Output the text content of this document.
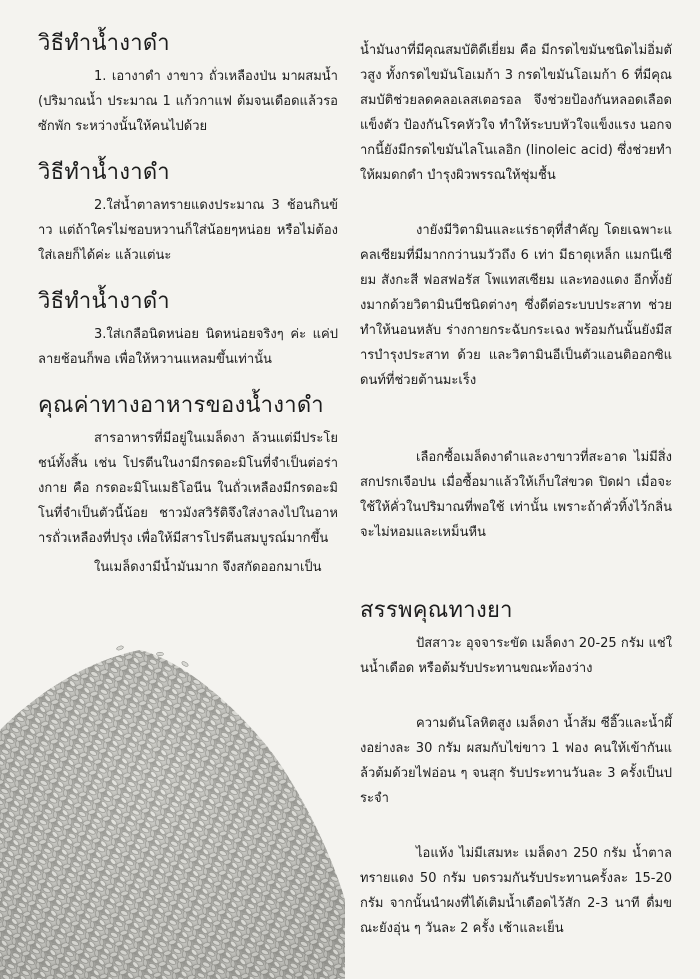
วิธีทำน้ำงาดำ

1. เอางาดำ งาขาว ถั่วเหลืองป่น มาผสมน้ำ (ปริมาณน้ำ ประมาณ 1 แก้วกาแฟ ต้มจนเดือดแล้วรอซักพัก ระหว่างนั้นให้คนไปด้วย

วิธีทำน้ำงาดำ

2.ใส่น้ำตาลทรายแดงประมาณ 3 ช้อนกินข้าว แต่ถ้าใครไม่ชอบหวานก็ใส่น้อยๆหน่อย หรือไม่ต้องใส่เลยก็ได้ค่ะ แล้วแต่นะ

วิธีทำน้ำงาดำ

3.ใส่เกลือนิดหน่อย นิดหน่อยจริงๆ ค่ะ แค่ปลายช้อนก็พอ เพื่อให้หวานแหลมขึ้นเท่านั้น

คุณค่าทางอาหารของน้ำงาดำ

สารอาหารที่มีอยู่ในเมล็ดงา ล้วนแต่มีประโยชน์ทั้งสิ้น เช่น โปรตีนในงามีกรดอะมิโนที่จำเป็นต่อร่างกาย คือ กรดอะมิโนเมธิโอนีน ในถั่วเหลืองมีกรดอะมิโนที่จำเป็นตัวนี้น้อย ชาวมังสวิรัติจึงใส่งาลงไปในอาหารถั่วเหลืองที่ปรุง เพื่อให้มีสารโปรตีนสมบูรณ์มากขึ้น

ในเมล็ดงามีน้ำมันมาก จึงสกัดออกมาเป็น

น้ำมันงาที่มีคุณสมบัติดีเยี่ยม คือ มีกรดไขมันชนิดไม่อิ่มตัวสูง ทั้งกรดไขมันโอเมก้า 3 กรดไขมันโอเมก้า 6 ที่มีคุณสมบัติช่วยลดคลอเลสเตอรอล จึงช่วยป้องกันหลอดเลือดแข็งตัว ป้องกันโรคหัวใจ ทำให้ระบบหัวใจแข็งแรง นอกจากนี้ยังมีกรดไขมันไลโนเลอิก (linoleic acid) ซึ่งช่วยทำให้ผมดกดำ บำรุงผิวพรรณให้ชุ่มชื้น

งายังมีวิตามินและแร่ธาตุที่สำคัญ โดยเฉพาะแคลเซียมที่มีมากกว่านมวัวถึง 6 เท่า มีธาตุเหล็ก แมกนีเซียม สังกะสี ฟอสฟอรัส โพแทสเซียม และทองแดง อีกทั้งยังมากด้วยวิตามินบีชนิดต่างๆ ซึ่งดีต่อระบบประสาท ช่วยทำให้นอนหลับ ร่างกายกระฉับกระเฉง พร้อมกันนั้นยังมีสารบำรุงประสาท ด้วย และวิตามินอีเป็นตัวแอนติออกซิแดนท์ที่ช่วยต้านมะเร็ง

เลือกซื้อเมล็ดงาดำและงาขาวที่สะอาด ไม่มีสิ่งสกปรกเจือปน เมื่อซื้อมาแล้วให้เก็บใส่ขวด ปิดฝา เมื่อจะใช้ให้คั่วในปริมาณที่พอใช้ เท่านั้น เพราะถ้าคั่วทิ้งไว้กลิ่นจะไม่หอมและเหม็นหืน

สรรพคุณทางยา

ปัสสาวะ อุจจาระขัด เมล็ดงา 20-25 กรัม แช่ในน้ำเดือด หรือต้มรับประทานขณะท้องว่าง

ความดันโลหิตสูง เมล็ดงา น้ำส้ม ซีอิ๊วและน้ำผึ้งอย่างละ 30 กรัม ผสมกับไข่ขาว 1 ฟอง คนให้เข้ากันแล้วต้มด้วยไฟอ่อน ๆ จนสุก รับประทานวันละ 3 ครั้งเป็นประจำ

ไอแห้ง ไม่มีเสมหะ เมล็ดงา 250 กรัม น้ำตาลทรายแดง 50 กรัม บดรวมกันรับประทานครั้งละ 15-20 กรัม จากนั้นนำผงที่ได้เติมน้ำเดือดไว้สัก 2-3 นาที ดื่มขณะยังอุ่น ๆ วันละ 2 ครั้ง เช้าและเย็น
